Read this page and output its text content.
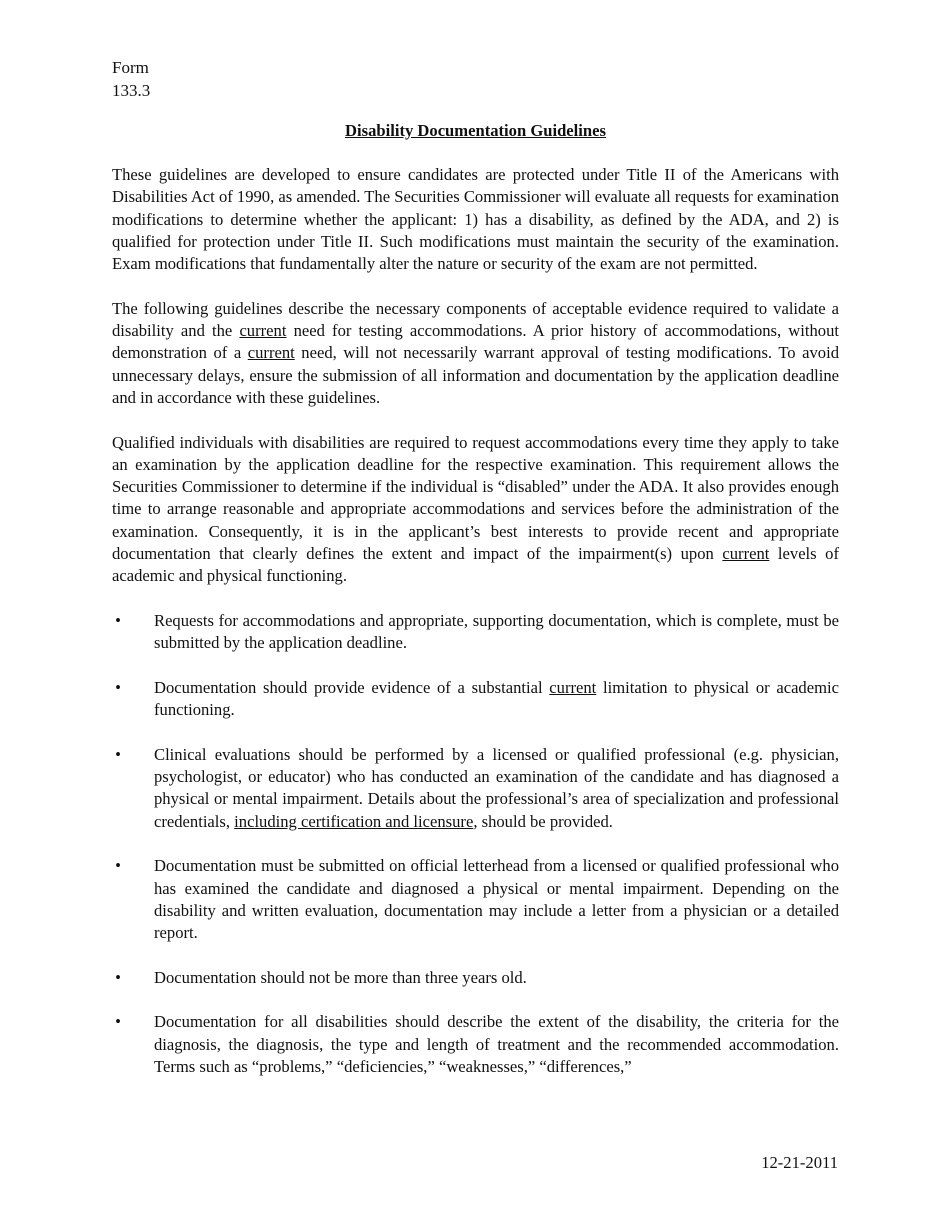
Form
133.3
Disability Documentation Guidelines

These guidelines are developed to ensure candidates are protected under Title II of the Americans with Disabilities Act of 1990, as amended. The Securities Commissioner will evaluate all requests for examination modifications to determine whether the applicant: 1) has a disability, as defined by the ADA, and 2) is qualified for protection under Title II. Such modifications must maintain the security of the examination. Exam modifications that fundamentally alter the nature or security of the exam are not permitted.

The following guidelines describe the necessary components of acceptable evidence required to validate a disability and the current need for testing accommodations. A prior history of accommodations, without demonstration of a current need, will not necessarily warrant approval of testing modifications. To avoid unnecessary delays, ensure the submission of all information and documentation by the application deadline and in accordance with these guidelines.

Qualified individuals with disabilities are required to request accommodations every time they apply to take an examination by the application deadline for the respective examination. This requirement allows the Securities Commissioner to determine if the individual is “disabled” under the ADA. It also provides enough time to arrange reasonable and appropriate accommodations and services before the administration of the examination. Consequently, it is in the applicant’s best interests to provide recent and appropriate documentation that clearly defines the extent and impact of the impairment(s) upon current levels of academic and physical functioning.

• Requests for accommodations and appropriate, supporting documentation, which is complete, must be submitted by the application deadline.
• Documentation should provide evidence of a substantial current limitation to physical or academic functioning.
• Clinical evaluations should be performed by a licensed or qualified professional (e.g. physician, psychologist, or educator) who has conducted an examination of the candidate and has diagnosed a physical or mental impairment. Details about the professional’s area of specialization and professional credentials, including certification and licensure, should be provided.
• Documentation must be submitted on official letterhead from a licensed or qualified professional who has examined the candidate and diagnosed a physical or mental impairment. Depending on the disability and written evaluation, documentation may include a letter from a physician or a detailed report.
• Documentation should not be more than three years old.
• Documentation for all disabilities should describe the extent of the disability, the criteria for the diagnosis, the diagnosis, the type and length of treatment and the recommended accommodation. Terms such as “problems,” “deficiencies,” “weaknesses,” “differences,”
12-21-2011
